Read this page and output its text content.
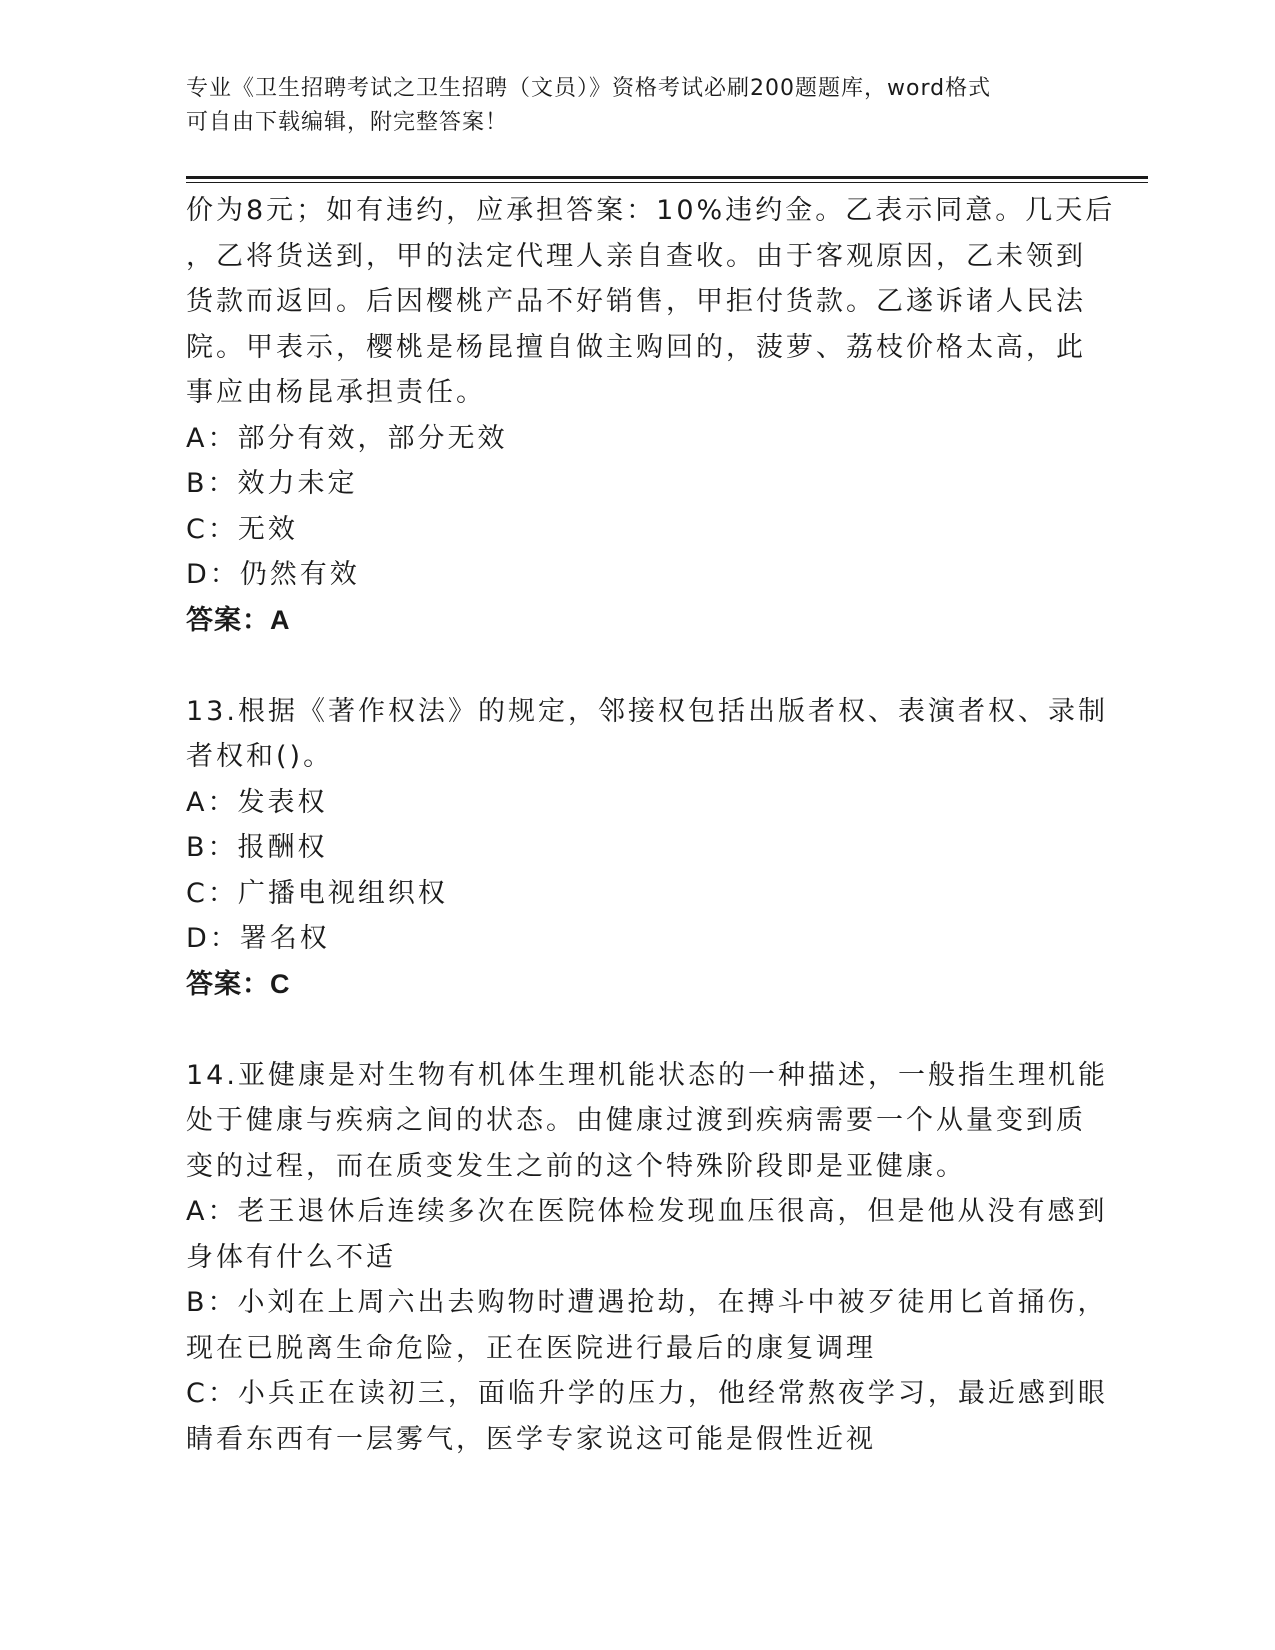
专业《卫生招聘考试之卫生招聘（文员）》资格考试必刷200题题库，word格式
可自由下载编辑，附完整答案！
价为8元；如有违约，应承担答案：10%违约金。乙表示同意。几天后
，乙将货送到，甲的法定代理人亲自查收。由于客观原因，乙未领到
货款而返回。后因樱桃产品不好销售，甲拒付货款。乙遂诉诸人民法
院。甲表示，樱桃是杨昆擅自做主购回的，菠萝、荔枝价格太高，此
事应由杨昆承担责任。
A：部分有效，部分无效
B：效力未定
C：无效
D：仍然有效
答案：A
13.根据《著作权法》的规定，邻接权包括出版者权、表演者权、录制
者权和()。
A：发表权
B：报酬权
C：广播电视组织权
D：署名权
答案：C
14.亚健康是对生物有机体生理机能状态的一种描述，一般指生理机能
处于健康与疾病之间的状态。由健康过渡到疾病需要一个从量变到质
变的过程，而在质变发生之前的这个特殊阶段即是亚健康。
A：老王退休后连续多次在医院体检发现血压很高，但是他从没有感到
身体有什么不适
B：小刘在上周六出去购物时遭遇抢劫，在搏斗中被歹徒用匕首捅伤，
现在已脱离生命危险，正在医院进行最后的康复调理
C：小兵正在读初三，面临升学的压力，他经常熬夜学习，最近感到眼
睛看东西有一层雾气，医学专家说这可能是假性近视
